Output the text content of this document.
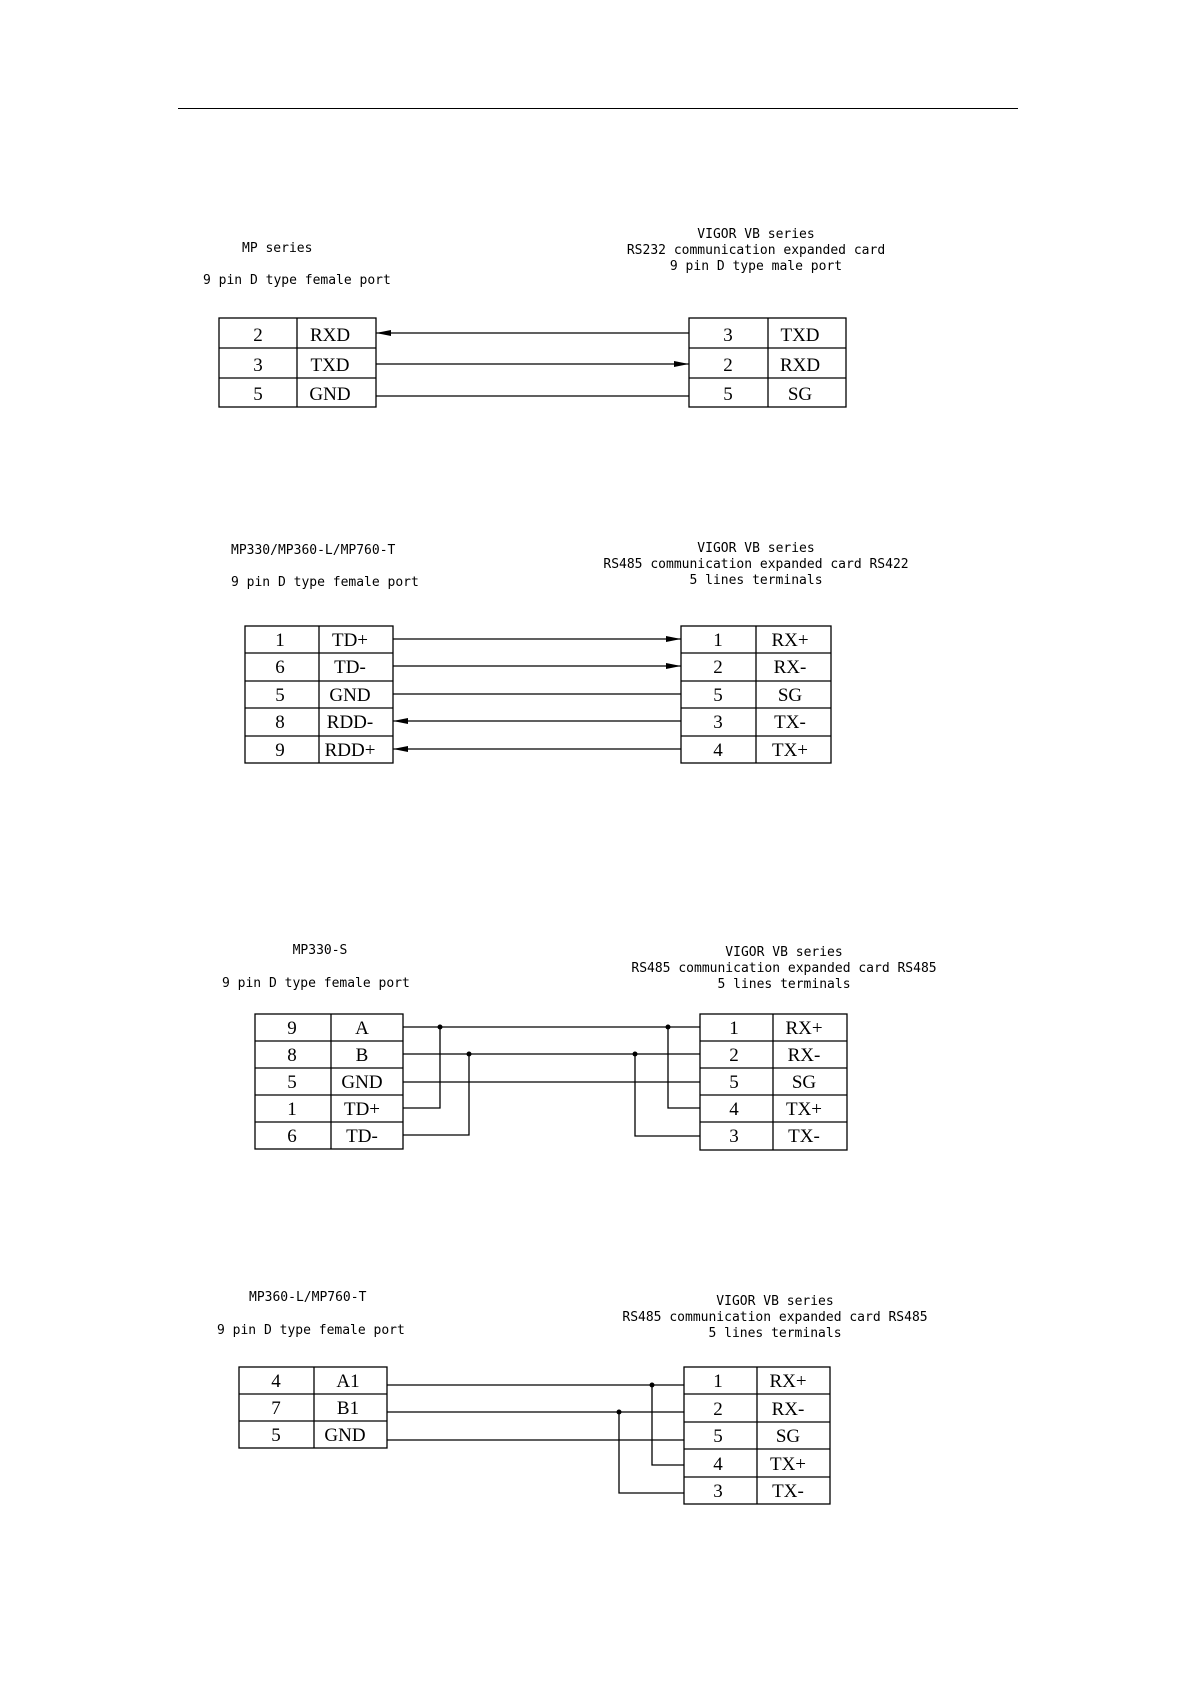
MP series
9 pin D type female port
VIGOR VB series
RS232 communication expanded card
9 pin D type male port
2 RXD
3	TXD
5 GND
3	TXD
2 RXD
5	SG
MP330/MP360-L/MP760-T
9 pin D type female port
VIGOR VB series
RS485 communication expanded card RS422
5 lines terminals
1 TD+
6	TD-
5 GND
8 RDD-
9 RDD+
1	RX+
2	RX-
5	SG
3	TX-
4	TX+
MP330-S
9 pin D type female port
VIGOR VB series
RS485 communication expanded card RS485
5 lines terminals
9	A
8	B
5 GND
1 TD+
6	TD-
1 RX+
2	RX-
5	SG
4 TX+
3	TX-
MP360-L/MP760-T
9 pin D type female port
VIGOR VB series
RS485 communication expanded card RS485
5 lines terminals
4	A1
7	B1
5 GND
1 RX+
2	RX-
5	SG
4 TX+
3	TX-
